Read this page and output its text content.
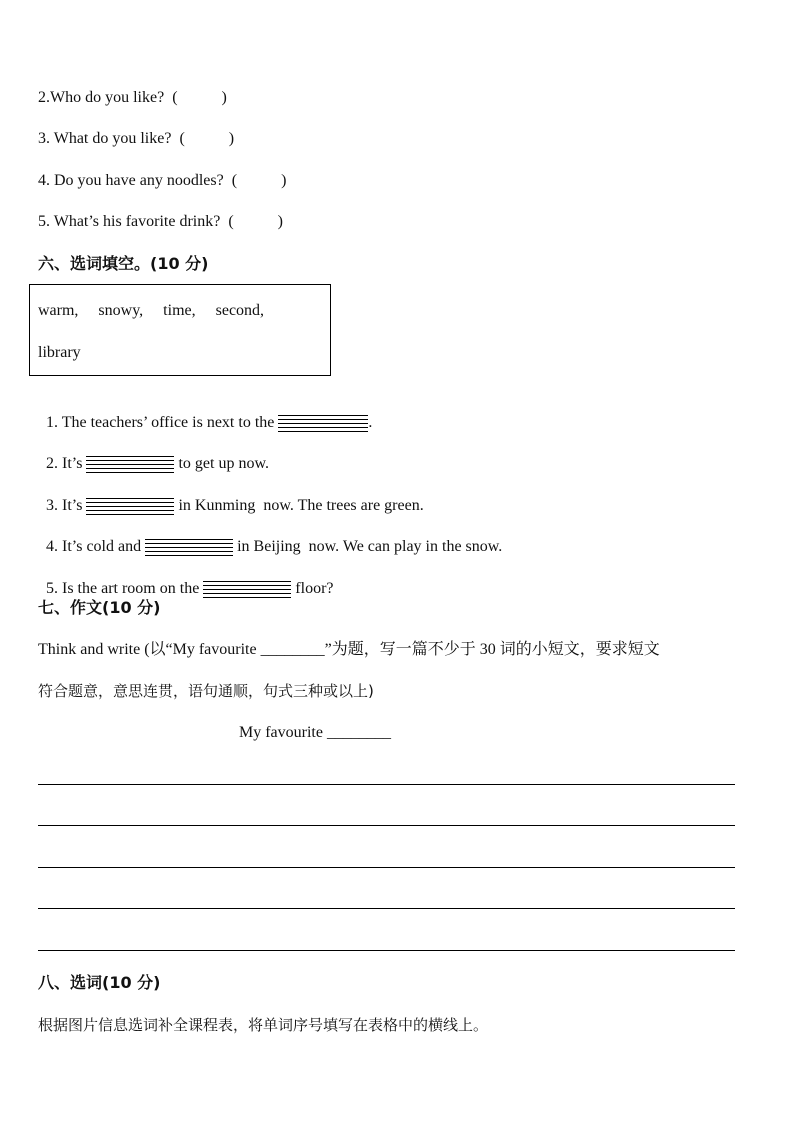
2.Who do you like?  (           )
3. What do you like?  (           )
4. Do you have any noodles?  (           )
5. What’s his favorite drink?  (           )
六、选词填空。(10 分)
warm,     snowy,     time,     second,
library

1. The teachers’ office is next to the	.

2. It’s	to get up now.

3. It’s	in Kunming  now. The trees are green.

4. It’s cold and	in Beijing  now. We can play in the snow.

5. Is the art room on the	floor?

七、作文(10 分)
Think and write (以“My favourite ________”为题，写一篇不少于 30 词的小短文，要求短文
符合题意，意思连贯，语句通顺，句式三种或以上)
My favourite ________
八、选词(10 分)
根据图片信息选词补全课程表，将单词序号填写在表格中的横线上。
